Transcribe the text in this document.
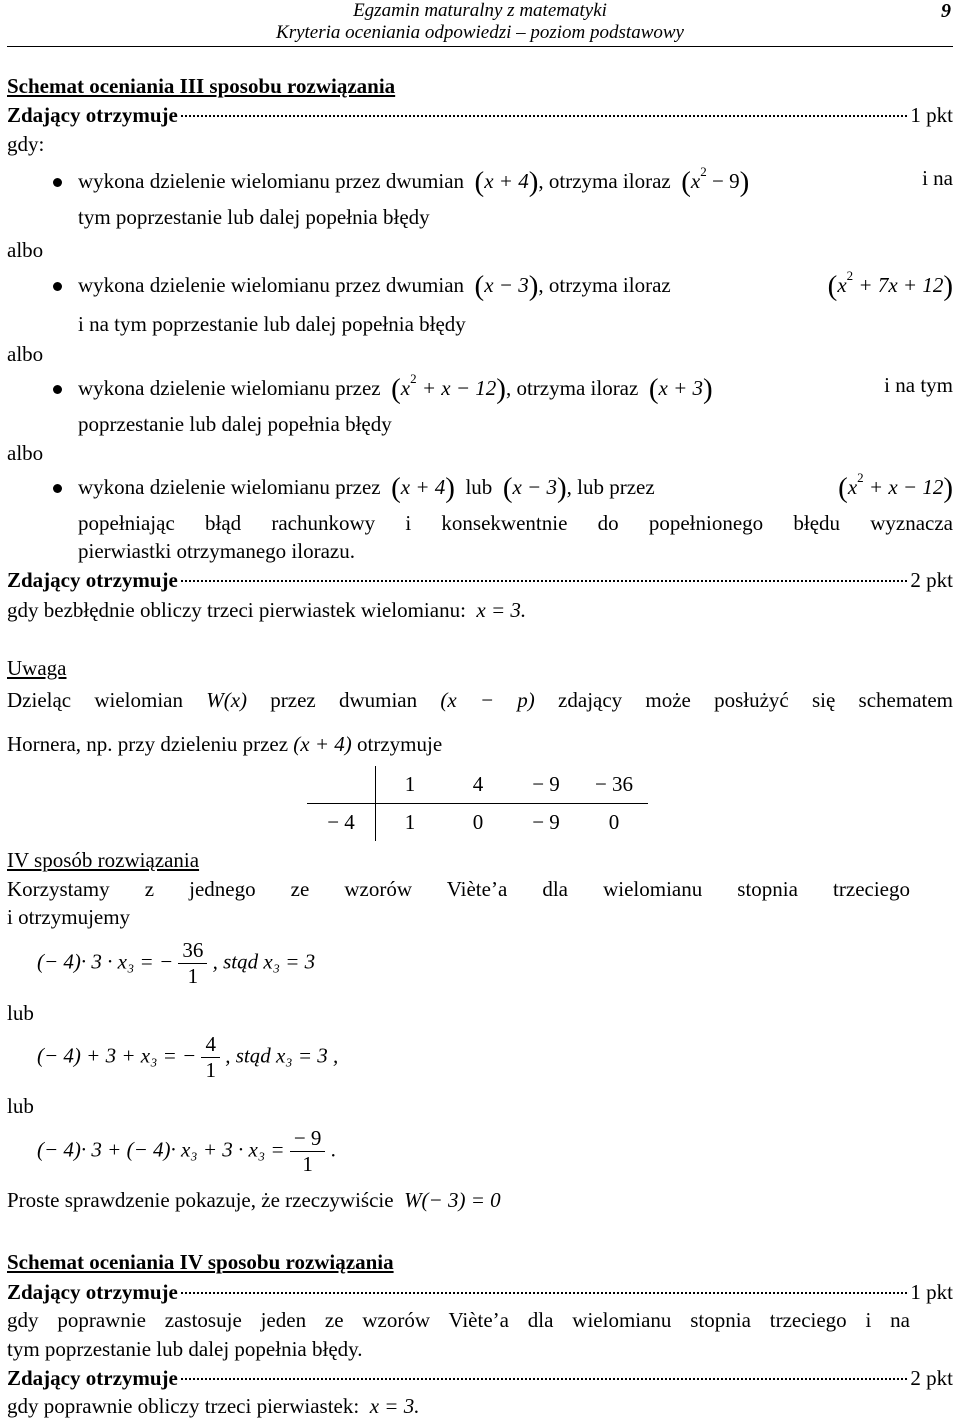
Egzamin maturalny z matematyki
Kryteria oceniania odpowiedzi – poziom podstawowy
9
Schemat oceniania III sposobu rozwiązania
Zdający otrzymuje	1 pkt
gdy:
wykona dzielenie wielomianu przez dwumian (x + 4), otrzyma iloraz $(x^2 - 9)$	i na
tym poprzestanie lub dalej popełnia błędy
albo
wykona dzielenie wielomianu przez dwumian (x − 3), otrzyma iloraz	$(x^2 + 7x + 12)$
i na tym poprzestanie lub dalej popełnia błędy
albo
wykona dzielenie wielomianu przez $(x^2 + x - 12)$, otrzyma iloraz (x + 3)	i na tym
poprzestanie lub dalej popełnia błędy
albo
wykona dzielenie wielomianu przez (x + 4) lub (x − 3), lub przez	$(x^2 + x - 12)$
popełniając błąd rachunkowy i konsekwentnie do popełnionego błędu wyznacza
pierwiastki otrzymanego ilorazu.
Zdający otrzymuje	2 pkt
gdy bezbłędnie obliczy trzeci pierwiastek wielomianu: x = 3.
Uwaga
Dzieląc wielomian W(x) przez dwumian (x − p) zdający może posłużyć się schematem
Hornera, np. przy dzieleniu przez (x + 4) otrzymuje
	1	4	− 9	− 36
− 4	1	0	− 9	0
IV sposób rozwiązania
Korzystamy z jednego ze wzorów Vièteʼa dla wielomianu stopnia trzeciego
i otrzymujemy
(− 4)· 3 · x₃ = − $\frac{36}{1}$ , stąd x₃ = 3
lub
(− 4) + 3 + x₃ = − $\frac{4}{1}$ , stąd x₃ = 3 ,
lub
(− 4)· 3 + (− $4)\cdot x_3 + 3 \cdot x_3 = \frac{- 9}{1}$ .
Proste sprawdzenie pokazuje, że rzeczywiście W(− 3) = 0
Schemat oceniania IV sposobu rozwiązania
Zdający otrzymuje	1 pkt
gdy poprawnie zastosuje jeden ze wzorów Vièteʼa dla wielomianu stopnia trzeciego i na
tym poprzestanie lub dalej popełnia błędy.
Zdający otrzymuje	2 pkt
gdy poprawnie obliczy trzeci pierwiastek: x = 3.
